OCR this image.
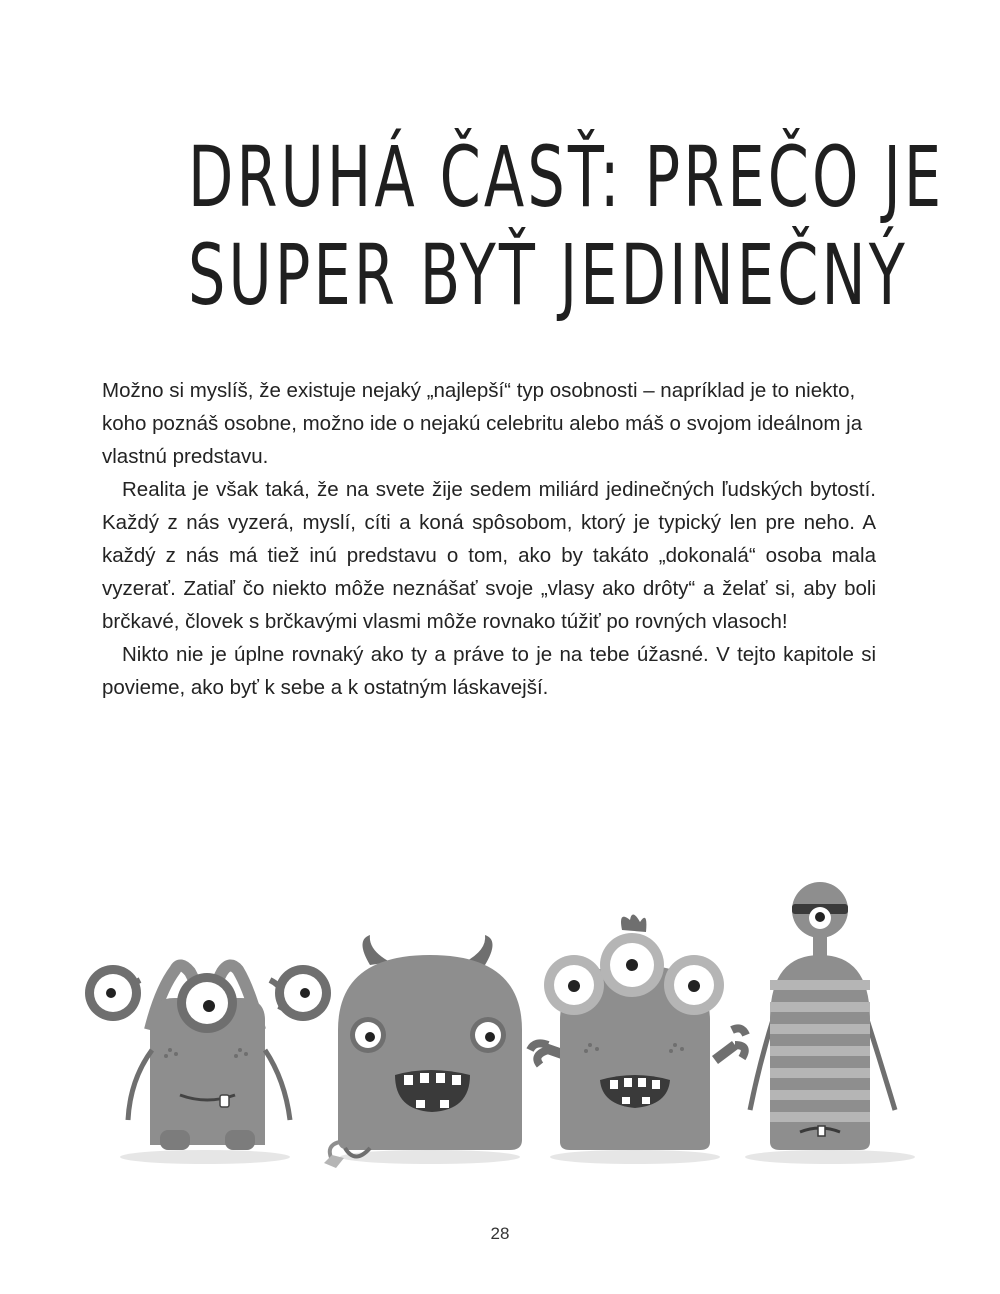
DRUHÁ ČASŤ: PREČO JE
SUPER BYŤ JEDINEČNÝ

Možno si myslíš, že existuje nejaký „najlepší“ typ osobnosti – napríklad je to niekto, koho poznáš osobne, možno ide o nejakú celebritu alebo máš o svojom ideálnom ja vlastnú predstavu.

Realita je však taká, že na svete žije sedem miliárd jedinečných ľudských bytostí. Každý z nás vyzerá, myslí, cíti a koná spôsobom, ktorý je typický len pre neho. A každý z nás má tiež inú predstavu o tom, ako by takáto „dokonalá“ osoba mala vyzerať. Zatiaľ čo niekto môže neznášať svoje „vlasy ako drôty“ a želať si, aby boli brčkavé, človek s brčkavými vlasmi môže rovnako túžiť po rovných vlasoch!

Nikto nie je úplne rovnaký ako ty a práve to je na tebe úžasné. V tejto kapitole si povieme, ako byť k sebe a k ostatným láskavejší.

28
